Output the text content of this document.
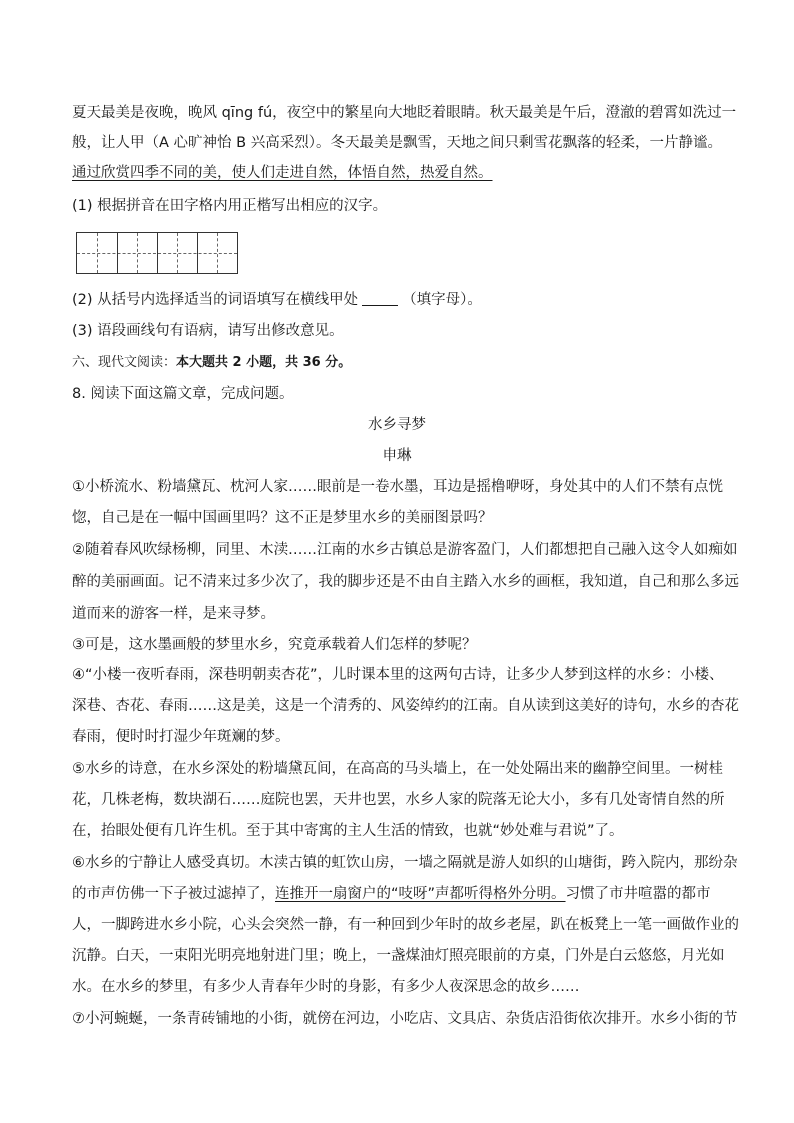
夏天最美是夜晚，晚风 qīng fú，夜空中的繁星向大地眨着眼睛。秋天最美是午后，澄澈的碧霄如洗过一
般，让人甲（A 心旷神怡 B 兴高采烈）。冬天最美是飘雪，天地之间只剩雪花飘落的轻柔，一片静谧。
通过欣赏四季不同的美，使人们走进自然，体悟自然，热爱自然。
(1) 根据拼音在田字格内用正楷写出相应的汉字。
(2) 从括号内选择适当的词语填写在横线甲处	（填字母）。
(3) 语段画线句有语病，请写出修改意见。
六、现代文阅读：本大题共 2 小题，共 36 分。
8. 阅读下面这篇文章，完成问题。
水乡寻梦
申琳
①小桥流水、粉墙黛瓦、枕河人家……眼前是一卷水墨，耳边是摇橹咿呀，身处其中的人们不禁有点恍
惚，自己是在一幅中国画里吗？这不正是梦里水乡的美丽图景吗？
②随着春风吹绿杨柳，同里、木渎……江南的水乡古镇总是游客盈门，人们都想把自己融入这令人如痴如
醉的美丽画面。记不清来过多少次了，我的脚步还是不由自主踏入水乡的画框，我知道，自己和那么多远
道而来的游客一样，是来寻梦。
③可是，这水墨画般的梦里水乡，究竟承载着人们怎样的梦呢？
④“小楼一夜听春雨，深巷明朝卖杏花”，儿时课本里的这两句古诗，让多少人梦到这样的水乡：小楼、
深巷、杏花、春雨……这是美，这是一个清秀的、风姿绰约的江南。自从读到这美好的诗句，水乡的杏花
春雨，便时时打湿少年斑斓的梦。
⑤水乡的诗意，在水乡深处的粉墙黛瓦间，在高高的马头墙上，在一处处隔出来的幽静空间里。一树桂
花，几株老梅，数块湖石……庭院也罢，天井也罢，水乡人家的院落无论大小，多有几处寄情自然的所
在，抬眼处便有几许生机。至于其中寄寓的主人生活的情致，也就“妙处难与君说”了。
⑥水乡的宁静让人感受真切。木渎古镇的虹饮山房，一墙之隔就是游人如织的山塘街，跨入院内，那纷杂
的市声仿佛一下子被过滤掉了，连推开一扇窗户的“吱呀”声都听得格外分明。习惯了市井喧嚣的都市
人，一脚跨进水乡小院，心头会突然一静，有一种回到少年时的故乡老屋，趴在板凳上一笔一画做作业的
沉静。白天，一束阳光明亮地射进门里；晚上，一盏煤油灯照亮眼前的方桌，门外是白云悠悠，月光如
水。在水乡的梦里，有多少人青春年少时的身影，有多少人夜深思念的故乡……
⑦小河蜿蜒，一条青砖铺地的小街，就傍在河边，小吃店、文具店、杂货店沿街依次排开。水乡小街的节
